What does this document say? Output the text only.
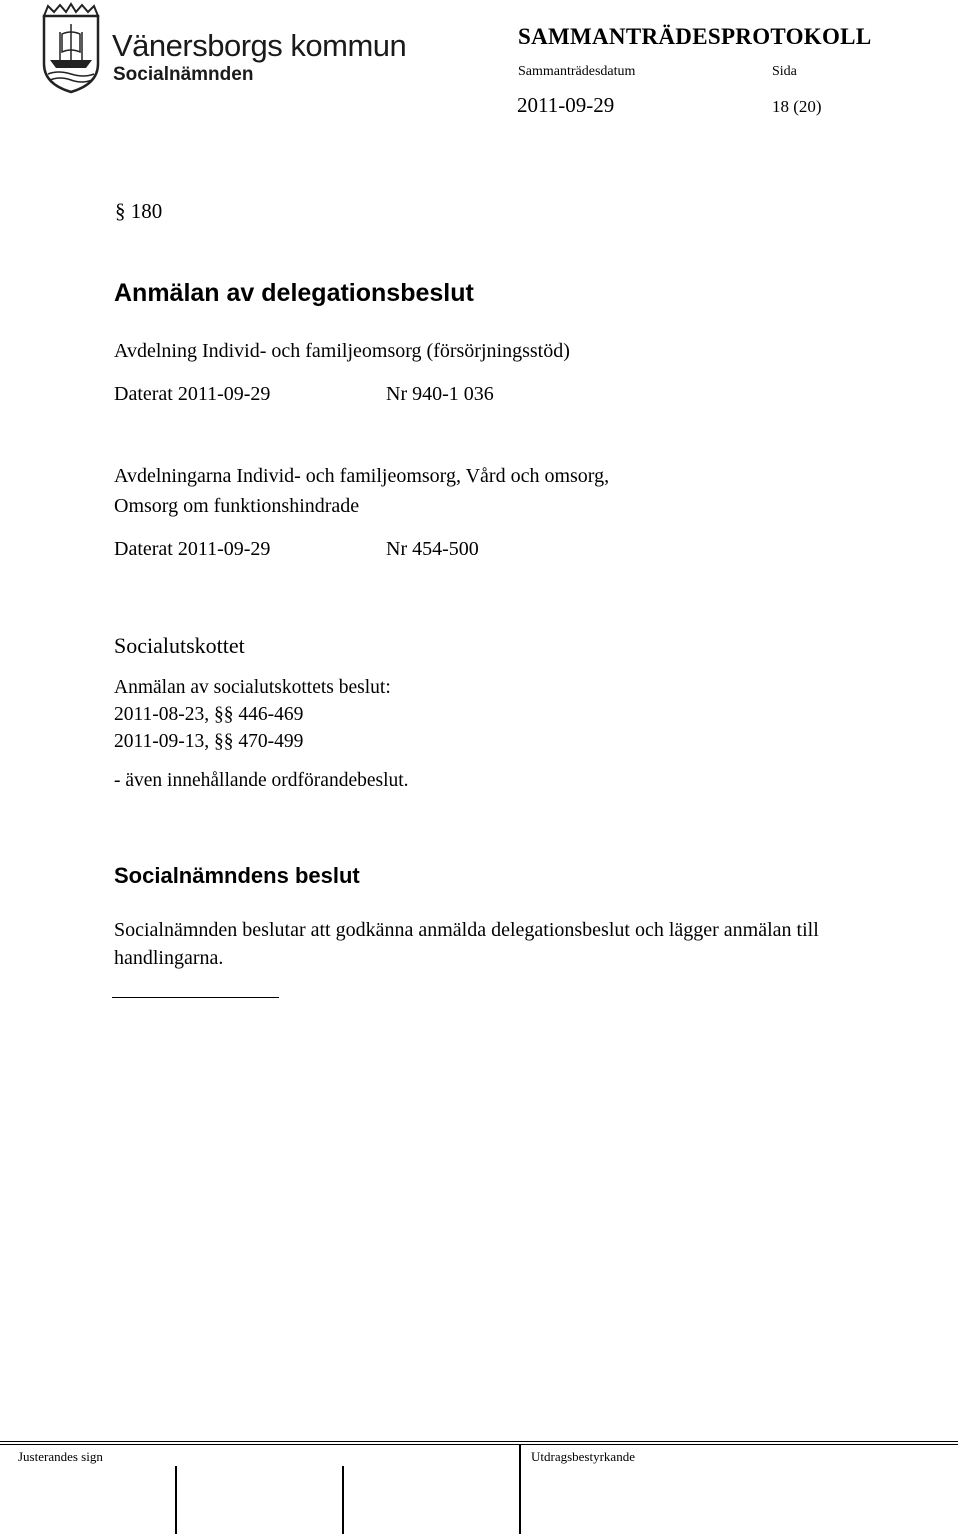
Vänersborgs kommun
Socialnämnden
SAMMANTRÄDESPROTOKOLL
Sammanträdesdatum	Sida
2011-09-29	18 (20)
§ 180
Anmälan av delegationsbeslut
Avdelning Individ- och familjeomsorg (försörjningsstöd)
Daterat 2011-09-29	Nr 940-1 036
Avdelningarna Individ- och familjeomsorg, Vård och omsorg,
Omsorg om funktionshindrade
Daterat 2011-09-29	Nr 454-500
Socialutskottet
Anmälan av socialutskottets beslut:
2011-08-23, §§ 446-469
2011-09-13, §§ 470-499
- även innehållande ordförandebeslut.
Socialnämndens beslut
Socialnämnden beslutar att godkänna anmälda delegationsbeslut och lägger anmälan till
handlingarna.
Justerandes sign	Utdragsbestyrkande
